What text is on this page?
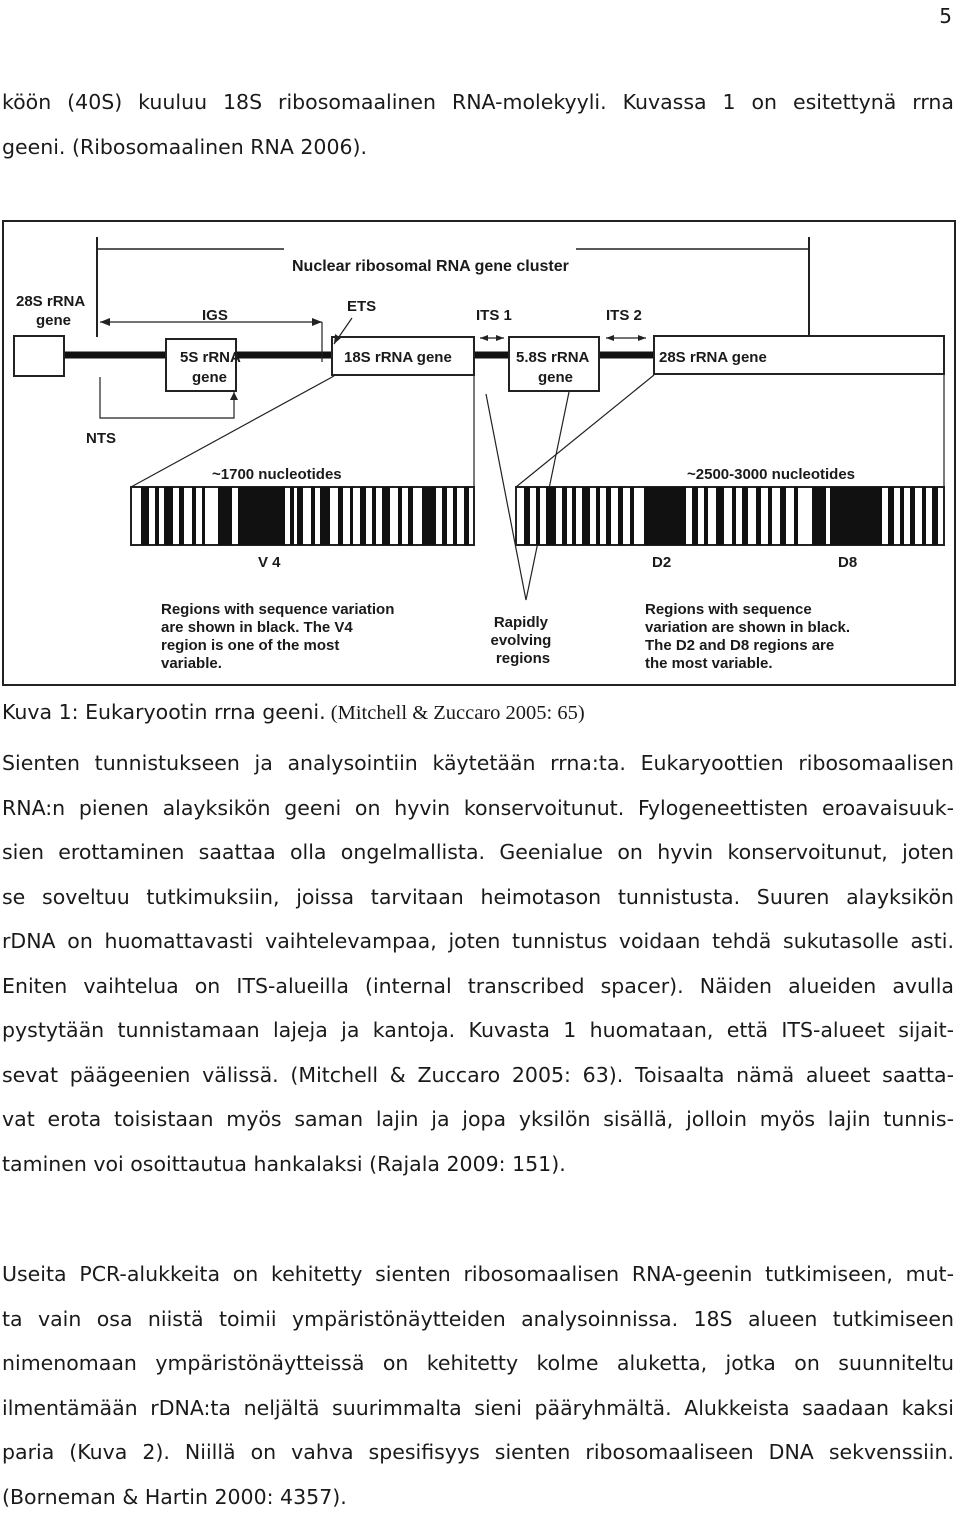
5
köön (40S) kuuluu 18S ribosomaalinen RNA-molekyyli. Kuvassa 1 on esitettynä rrna
geeni. (Ribosomaalinen RNA 2006).
Nuclear ribosomal RNA gene cluster
28S rRNA
gene	IGS
ETS
ITS 1	ITS 2
5S rRNA
gene
18S rRNA gene	5.8S rRNA
gene
28S rRNA gene
NTS
~1700 nucleotides	~2500-3000 nucleotides
V 4	D2	D8
Regions with sequence variation are shown in black. The V4 region is one of the most variable.
Rapidly evolving regions
Regions with sequence variation are shown in black. The D2 and D8 regions are the most variable.
Kuva 1: Eukaryootin rrna geeni. (Mitchell & Zuccaro 2005: 65)
Sienten tunnistukseen ja analysointiin käytetään rrna:ta. Eukaryoottien ribosomaalisen
RNA:n pienen alayksikön geeni on hyvin konservoitunut. Fylogeneettisten eroavaisuuk-
sien erottaminen saattaa olla ongelmallista. Geenialue on hyvin konservoitunut, joten
se soveltuu tutkimuksiin, joissa tarvitaan heimotason tunnistusta. Suuren alayksikön
rDNA on huomattavasti vaihtelevampaa, joten tunnistus voidaan tehdä sukutasolle asti.
Eniten vaihtelua on ITS-alueilla (internal transcribed spacer). Näiden alueiden avulla
pystytään tunnistamaan lajeja ja kantoja. Kuvasta 1 huomataan, että ITS-alueet sijait-
sevat päägeenien välissä. (Mitchell & Zuccaro 2005: 63). Toisaalta nämä alueet saatta-
vat erota toisistaan myös saman lajin ja jopa yksilön sisällä, jolloin myös lajin tunnis-
taminen voi osoittautua hankalaksi (Rajala 2009: 151).
Useita PCR-alukkeita on kehitetty sienten ribosomaalisen RNA-geenin tutkimiseen, mut-
ta vain osa niistä toimii ympäristönäytteiden analysoinnissa. 18S alueen tutkimiseen
nimenomaan ympäristönäytteissä on kehitetty kolme aluketta, jotka on suunniteltu
ilmentämään rDNA:ta neljältä suurimmalta sieni pääryhmältä. Alukkeista saadaan kaksi
paria (Kuva 2). Niillä on vahva spesifisyys sienten ribosomaaliseen DNA sekvenssiin.
(Borneman & Hartin 2000: 4357).
